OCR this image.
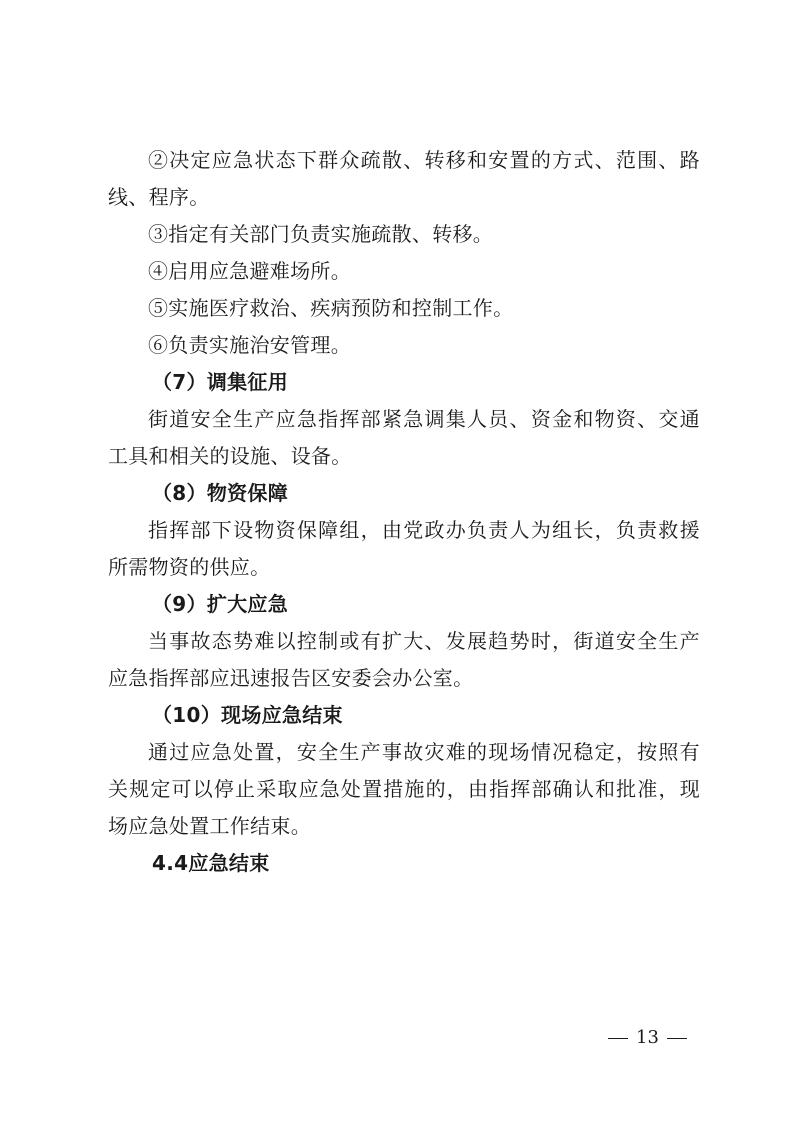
②决定应急状态下群众疏散、转移和安置的方式、范围、路
线、程序。
③指定有关部门负责实施疏散、转移。
④启用应急避难场所。
⑤实施医疗救治、疾病预防和控制工作。
⑥负责实施治安管理。
（7）调集征用
街道安全生产应急指挥部紧急调集人员、资金和物资、交通
工具和相关的设施、设备。
（8）物资保障
指挥部下设物资保障组，由党政办负责人为组长，负责救援
所需物资的供应。
（9）扩大应急
当事故态势难以控制或有扩大、发展趋势时，街道安全生产
应急指挥部应迅速报告区安委会办公室。
（10）现场应急结束
通过应急处置，安全生产事故灾难的现场情况稳定，按照有
关规定可以停止采取应急处置措施的，由指挥部确认和批准，现
场应急处置工作结束。
4.4应急结束
13
